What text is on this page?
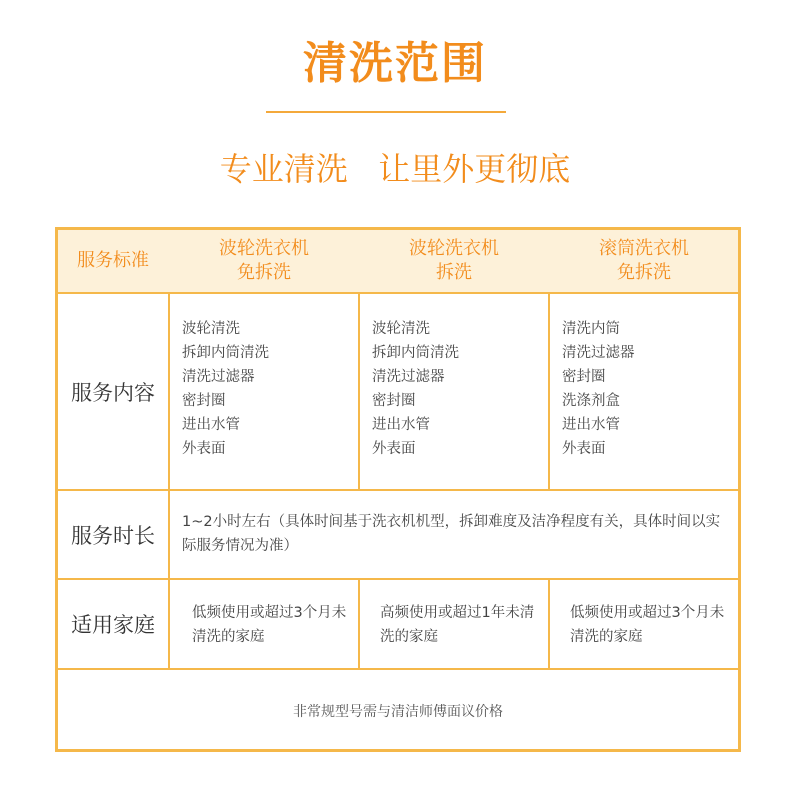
清洗范围
专业清洗   让里外更彻底
服务标准
波轮洗衣机
免拆洗
波轮洗衣机
拆洗
滚筒洗衣机
免拆洗
服务内容
波轮清洗
拆卸内筒清洗
清洗过滤器
密封圈
进出水管
外表面
波轮清洗
拆卸内筒清洗
清洗过滤器
密封圈
进出水管
外表面
清洗内筒
清洗过滤器
密封圈
洗涤剂盒
进出水管
外表面
服务时长
1~2小时左右（具体时间基于洗衣机机型，拆卸难度及洁净程度有关，具体时间以实际服务情况为准）
适用家庭	低频使用或超过3个月未清洗的家庭
高频使用或超过1年未清洗的家庭
低频使用或超过3个月未清洗的家庭
非常规型号需与清洁师傅面议价格
